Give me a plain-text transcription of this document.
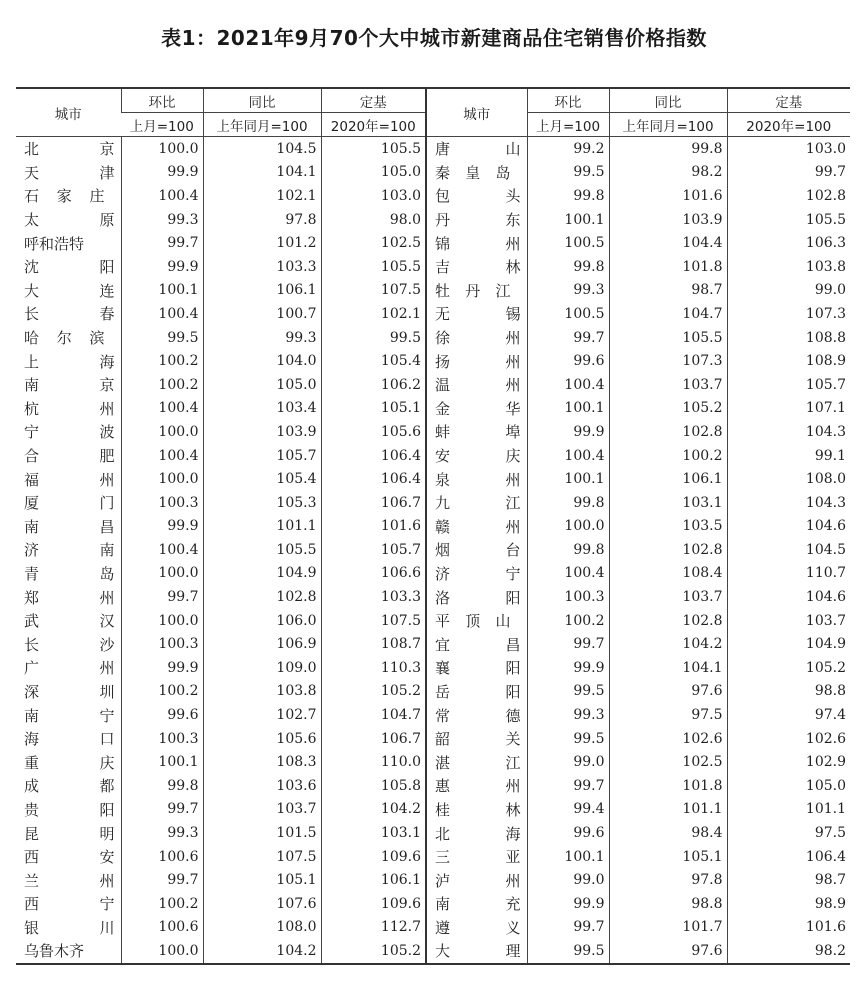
表1：2021年9月70个大中城市新建商品住宅销售价格指数
城市	环比	同比	定基	城市	环比	同比	定基
	上月=100	上年同月=100	2020年=100		上月=100	上年同月=100	2020年=100

北 京	100.0	104.5	105.5	唐 山	99.2	99.8	103.0

天 津	99.9	104.1	105.0	秦 皇 岛	99.5	98.2	99.7

石 家 庄	100.4	102.1	103.0	包 头	99.8	101.6	102.8

太 原	99.3	97.8	98.0	丹 东	100.1	103.9	105.5

呼和浩特	99.7	101.2	102.5	锦 州	100.5	104.4	106.3

沈 阳	99.9	103.3	105.5	吉 林	99.8	101.8	103.8

大 连	100.1	106.1	107.5	牡 丹 江	99.3	98.7	99.0

长 春	100.4	100.7	102.1	无 锡	100.5	104.7	107.3

哈 尔 滨	99.5	99.3	99.5	徐 州	99.7	105.5	108.8

上 海	100.2	104.0	105.4	扬 州	99.6	107.3	108.9

南 京	100.2	105.0	106.2	温 州	100.4	103.7	105.7

杭 州	100.4	103.4	105.1	金 华	100.1	105.2	107.1

宁 波	100.0	103.9	105.6	蚌 埠	99.9	102.8	104.3

合 肥	100.4	105.7	106.4	安 庆	100.4	100.2	99.1

福 州	100.0	105.4	106.4	泉 州	100.1	106.1	108.0

厦 门	100.3	105.3	106.7	九 江	99.8	103.1	104.3

南 昌	99.9	101.1	101.6	赣 州	100.0	103.5	104.6

济 南	100.4	105.5	105.7	烟 台	99.8	102.8	104.5

青 岛	100.0	104.9	106.6	济 宁	100.4	108.4	110.7

郑 州	99.7	102.8	103.3	洛 阳	100.3	103.7	104.6

武 汉	100.0	106.0	107.5	平 顶 山	100.2	102.8	103.7

长 沙	100.3	106.9	108.7	宜 昌	99.7	104.2	104.9

广 州	99.9	109.0	110.3	襄 阳	99.9	104.1	105.2

深 圳	100.2	103.8	105.2	岳 阳	99.5	97.6	98.8

南 宁	99.6	102.7	104.7	常 德	99.3	97.5	97.4

海 口	100.3	105.6	106.7	韶 关	99.5	102.6	102.6

重 庆	100.1	108.3	110.0	湛 江	99.0	102.5	102.9

成 都	99.8	103.6	105.8	惠 州	99.7	101.8	105.0

贵 阳	99.7	103.7	104.2	桂 林	99.4	101.1	101.1

昆 明	99.3	101.5	103.1	北 海	99.6	98.4	97.5

西 安	100.6	107.5	109.6	三 亚	100.1	105.1	106.4

兰 州	99.7	105.1	106.1	泸 州	99.0	97.8	98.7

西 宁	100.2	107.6	109.6	南 充	99.9	98.8	98.9

银 川	100.6	108.0	112.7	遵 义	99.7	101.7	101.6

乌鲁木齐	100.0	104.2	105.2	大 理	99.5	97.6	98.2
